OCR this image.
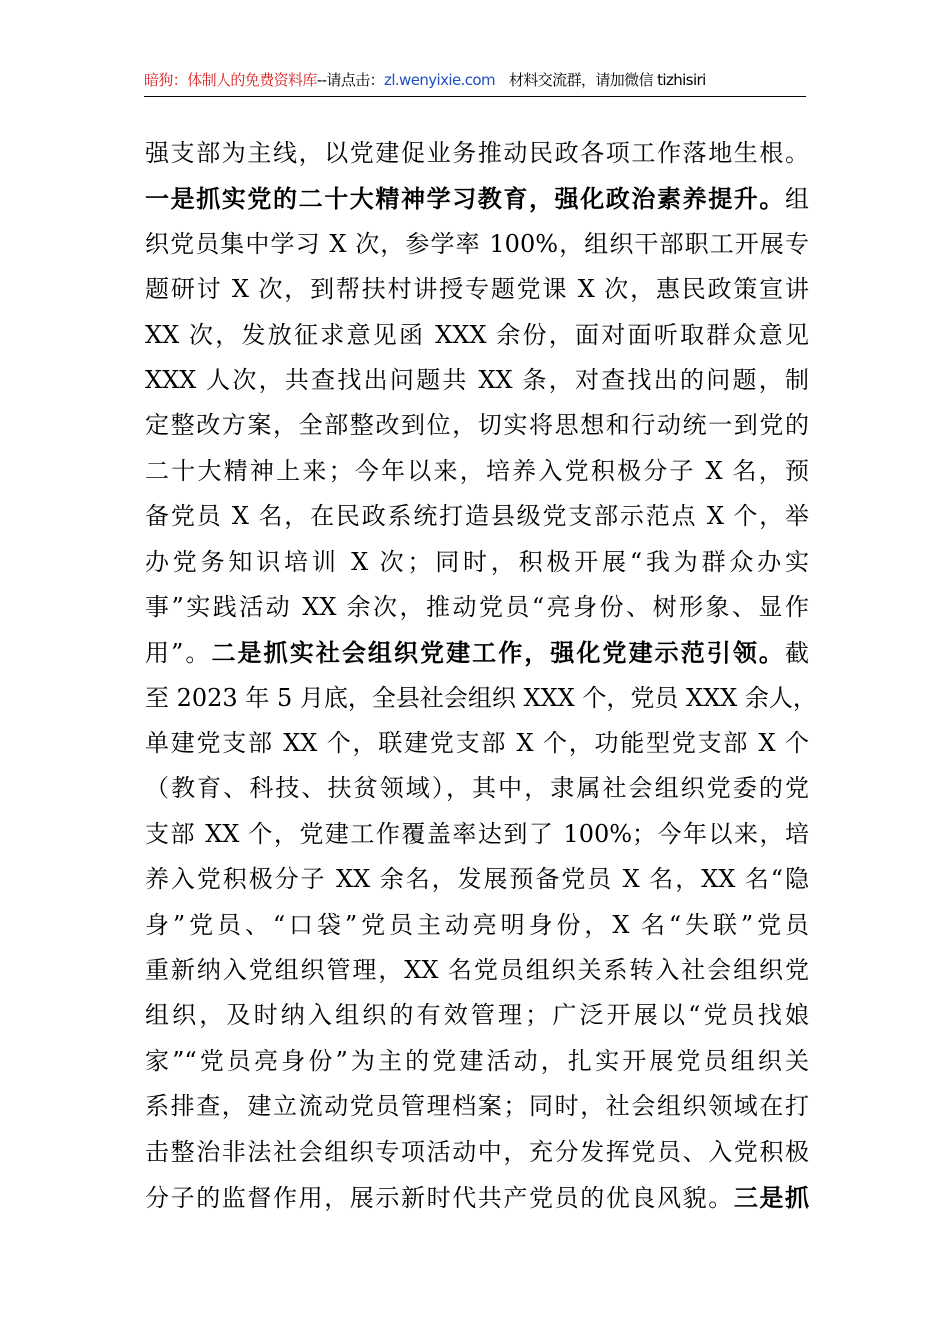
暗狗：体制人的免费资料库--请点击：zl.wenyixie.com 材料交流群，请加微信 tizhisiri
强支部为主线，以党建促业务推动民政各项工作落地生根。
一是抓实党的二十大精神学习教育，强化政治素养提升。组
织党员集中学习 X 次，参学率 100%，组织干部职工开展专
题研讨 X 次，到帮扶村讲授专题党课 X 次，惠民政策宣讲
XX 次，发放征求意见函 XXX 余份，面对面听取群众意见
XXX 人次，共查找出问题共 XX 条，对查找出的问题，制
定整改方案，全部整改到位，切实将思想和行动统一到党的
二十大精神上来；今年以来，培养入党积极分子 X 名，预
备党员 X 名，在民政系统打造县级党支部示范点 X 个，举
办党务知识培训 X 次；同时，积极开展“我为群众办实
事”实践活动 XX 余次，推动党员“亮身份、树形象、显作
用”。二是抓实社会组织党建工作，强化党建示范引领。截
至 2023 年 5 月底，全县社会组织 XXX 个，党员 XXX 余人，
单建党支部 XX 个，联建党支部 X 个，功能型党支部 X 个
（教育、科技、扶贫领域），其中，隶属社会组织党委的党
支部 XX 个，党建工作覆盖率达到了 100%；今年以来，培
养入党积极分子 XX 余名，发展预备党员 X 名，XX 名“隐
身”党员、“口袋”党员主动亮明身份，X 名“失联”党员
重新纳入党组织管理，XX 名党员组织关系转入社会组织党
组织，及时纳入组织的有效管理；广泛开展以“党员找娘
家”“党员亮身份”为主的党建活动，扎实开展党员组织关
系排查，建立流动党员管理档案；同时，社会组织领域在打
击整治非法社会组织专项活动中，充分发挥党员、入党积极
分子的监督作用，展示新时代共产党员的优良风貌。三是抓
